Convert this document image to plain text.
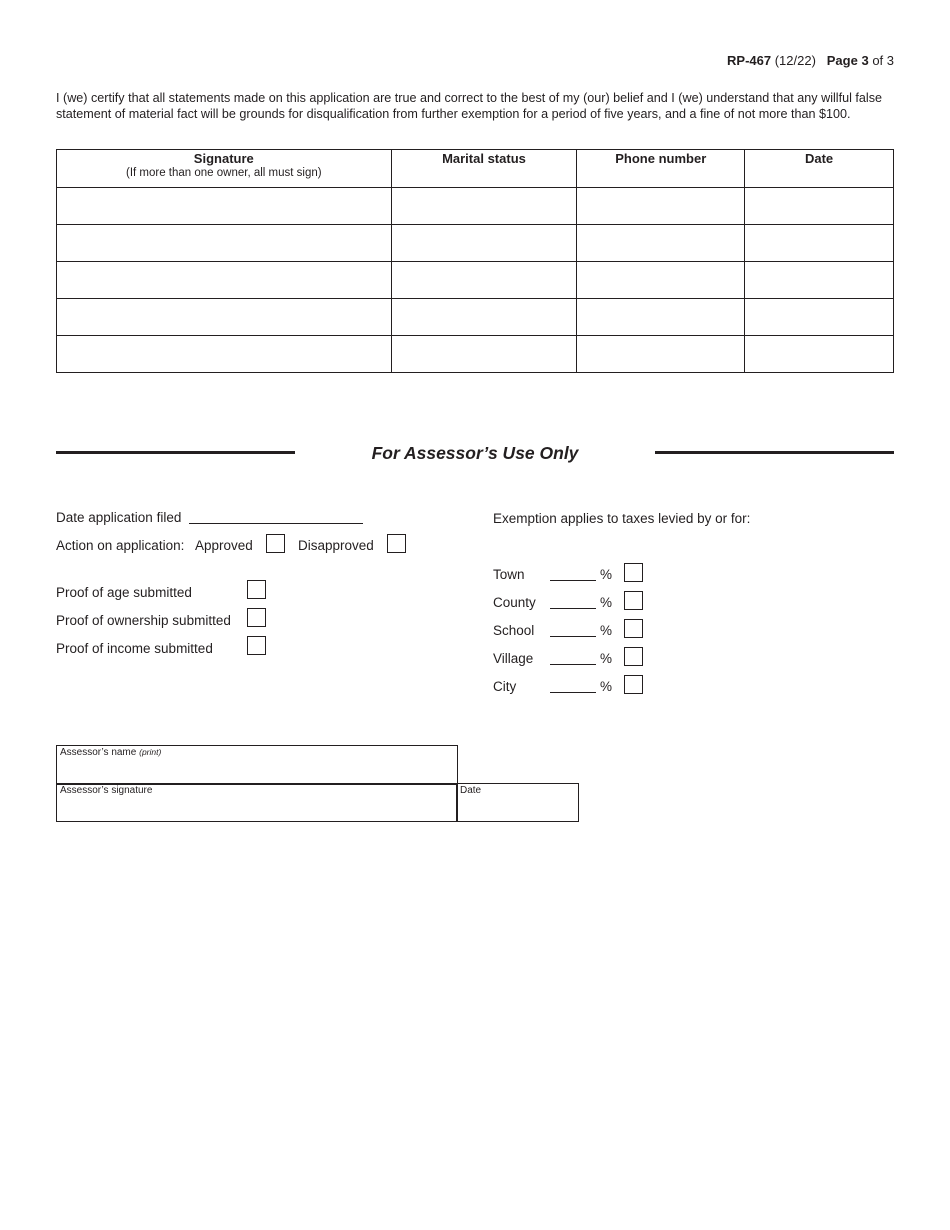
RP-467 (12/22) Page 3 of 3
I (we) certify that all statements made on this application are true and correct to the best of my (our) belief and I (we) understand that any willful false statement of material fact will be grounds for disqualification from further exemption for a period of five years, and a fine of not more than $100.
Signature
(If more than one owner, all must sign)	Marital status	Phone number	Date

For Assessor’s Use Only
Date application filed
Action on application: Approved	Disapproved
Proof of age submitted
Proof of ownership submitted
Proof of income submitted
Exemption applies to taxes levied by or for:
Town	%
County	%
School	%
Village	%
City	%
Assessor’s name (print)
Assessor’s signature	Date
